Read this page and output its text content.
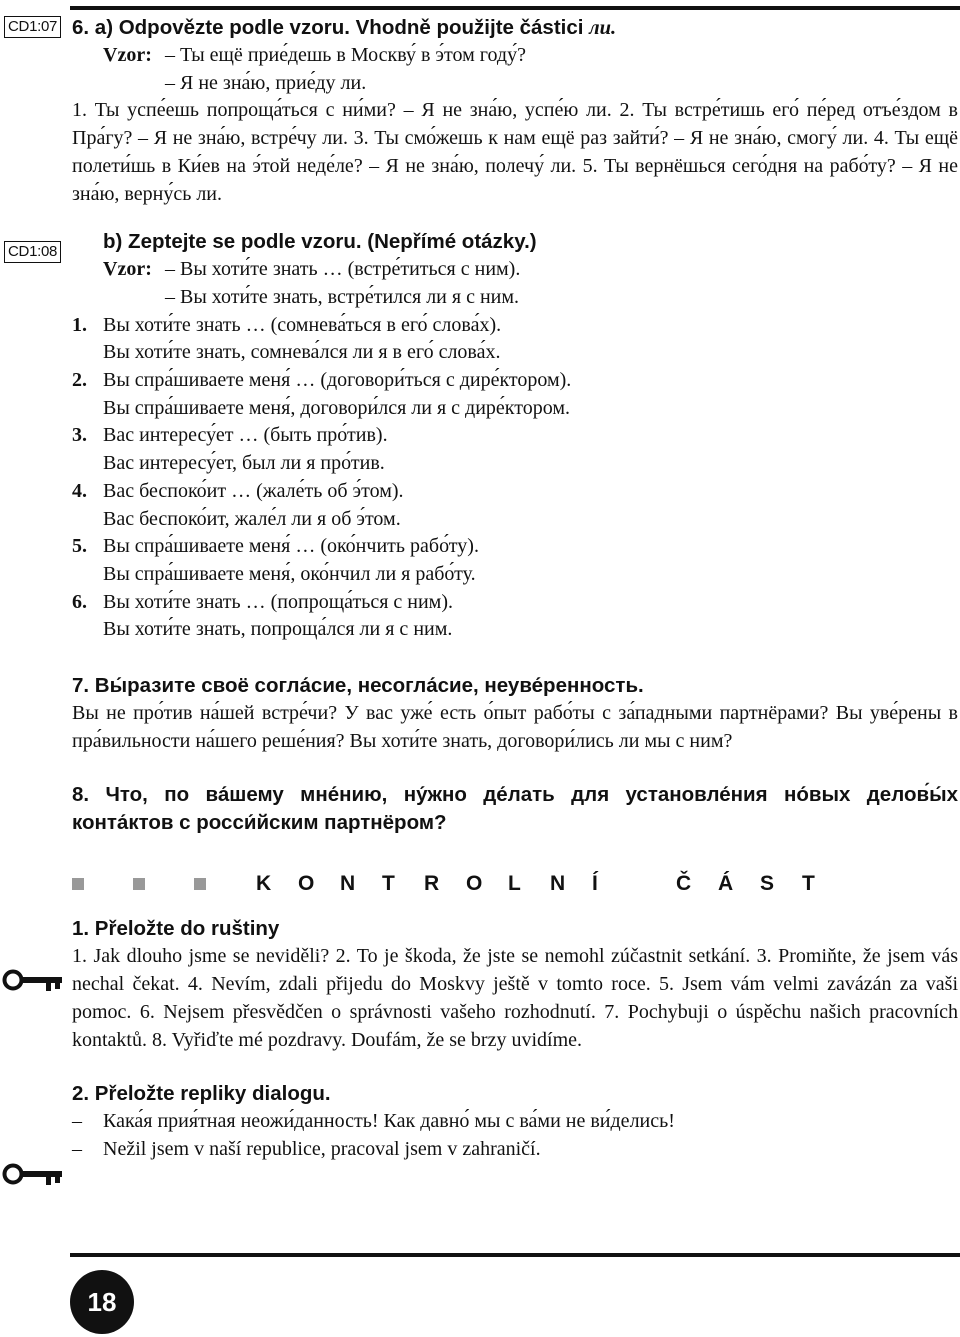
CD1:07
CD1:08
6. a) Odpovězte podle vzoru. Vhodně použijte částici ли.
Vzor: – Ты ещё прие́дешь в Москву́ в э́том году́?
– Я не зна́ю, прие́ду ли.

1. Ты успе́ешь попроща́ться с ни́ми? – Я не зна́ю, успе́ю ли. 2. Ты встре́тишь его́ пе́ред отъе́здом в Пра́гу? – Я не зна́ю, встре́чу ли. 3. Ты смо́жешь к нам ещё раз зайти́? – Я не зна́ю, смогу́ ли. 4. Ты ещё полети́шь в Ки́ев на э́той неде́ле? – Я не зна́ю, полечу́ ли. 5. Ты вернёшься сего́дня на рабо́ту? – Я не зна́ю, верну́сь ли.

b) Zeptejte se podle vzoru. (Nepřímé otázky.)
Vzor: – Вы хоти́те знать … (встре́титься с ним).
– Вы хоти́те знать, встре́тился ли я с ним.
1. Вы хоти́те знать … (сомнева́ться в его́ слова́х).
Вы хоти́те знать, сомнева́лся ли я в его́ слова́х.
2. Вы спра́шиваете меня́ … (договори́ться с дире́ктором).
Вы спра́шиваете меня́, договори́лся ли я с дире́ктором.
3. Вас интересу́ет … (быть про́тив).
Вас интересу́ет, был ли я про́тив.
4. Вас беспоко́ит … (жале́ть об э́том).
Вас беспоко́ит, жале́л ли я об э́том.
5. Вы спра́шиваете меня́ … (око́нчить рабо́ту).
Вы спра́шиваете меня́, око́нчил ли я рабо́ту.
6. Вы хоти́те знать … (попроща́ться с ним).
Вы хоти́те знать, попроща́лся ли я с ним.
7. Вы́разите своё согла́сие, несогла́сие, неуве́ренность.

Вы не про́тив на́шей встре́чи? У вас уже́ есть о́пыт рабо́ты с за́падными партнёрами? Вы уве́рены в пра́вильности на́шего реше́ния? Вы хоти́те знать, договори́лись ли мы с ним?

8. Что, по ва́шему мне́нию, ну́жно де́лать для установле́ния но́вых делов́ы́х конта́ктов с росси́йским партнёром?
K	O	N	T	R	O	L	N	Í	Č	Á	S	T
1. Přeložte do ruštiny

1. Jak dlouho jsme se neviděli? 2. To je škoda, že jste se nemohl zúčastnit setkání. 3. Promiňte, že jsem vás nechal čekat. 4. Nevím, zdali přijedu do Moskvy ještě v tomto roce. 5. Jsem vám velmi zavázán za vaši pomoc. 6. Nejsem přesvědčen o správnosti vašeho rozhodnutí. 7. Pochybuji o úspěchu našich pracovních kontaktů. 8. Vyřiďte mé pozdravy. Doufám, že se brzy uvidíme.

2. Přeložte repliky dialogu.
–	Кака́я прия́тная неожи́данность! Как давно́ мы с ва́ми не ви́делись!
–	Nežil jsem v naší republice, pracoval jsem v zahraničí.
18
